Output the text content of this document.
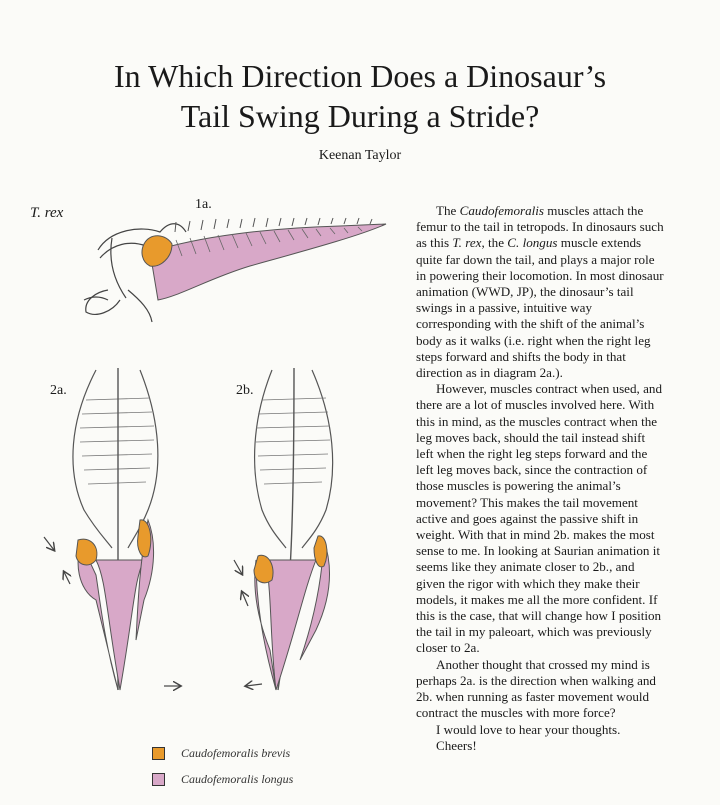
In Which Direction Does a Dinosaur’s
Tail Swing During a Stride?
Keenan Taylor
T. rex
1a.
2a.	2b.

The Caudofemoralis muscles attach the femur to the tail in tetropods. In dinosaurs such as this T. rex, the C. longus muscle extends quite far down the tail, and plays a major role in powering their locomotion. In most dinosaur animation (WWD, JP), the dinosaur’s tail swings in a passive, intuitive way corresponding with the shift of the animal’s body as it walks (i.e. right when the right leg steps forward and shifts the body in that direction as in diagram 2a.).

However, muscles contract when used, and there are a lot of muscles involved here. With this in mind, as the muscles contract when the leg moves back, should the tail instead shift left when the right leg steps forward and the left leg moves back, since the contraction of those muscles is powering the animal’s movement? This makes the tail movement active and goes against the passive shift in weight. With that in mind 2b. makes the most sense to me. In looking at Saurian animation it seems like they animate closer to 2b., and given the rigor with which they make their models, it makes me all the more confident. If this is the case, that will change how I position the tail in my paleoart, which was previously closer to 2a.

Another thought that crossed my mind is perhaps 2a. is the direction when walking and 2b. when running as faster movement would contract the muscles with more force?

I would love to hear your thoughts.

Cheers!

Caudofemoralis brevis
Caudofemoralis longus
